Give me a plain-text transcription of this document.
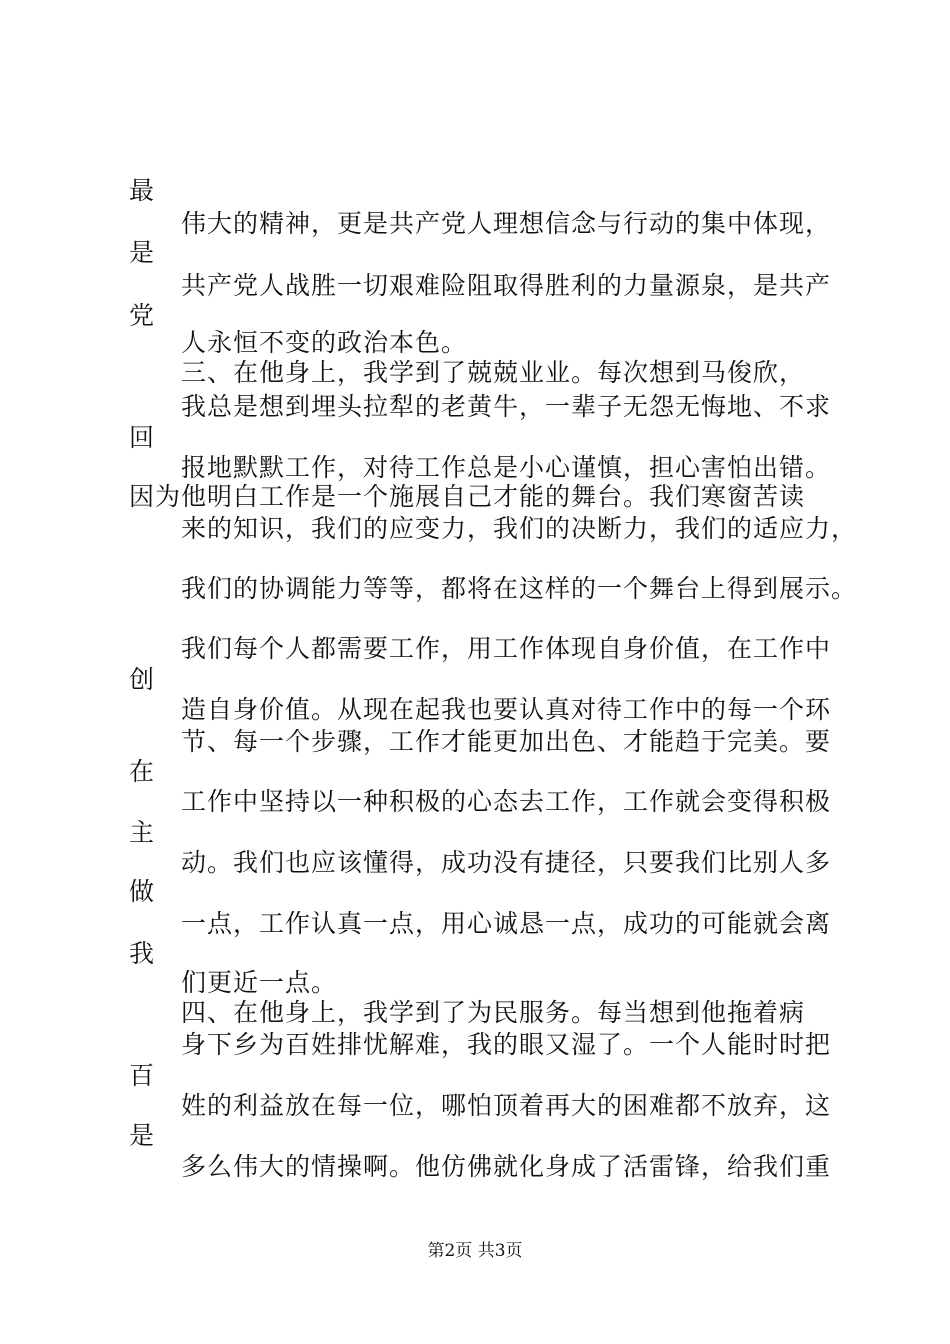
最
伟大的精神，更是共产党人理想信念与行动的集中体现，
是
共产党人战胜一切艰难险阻取得胜利的力量源泉，是共产
党
人永恒不变的政治本色。
三、在他身上，我学到了兢兢业业。每次想到马俊欣，
我总是想到埋头拉犁的老黄牛，一辈子无怨无悔地、不求
回
报地默默工作，对待工作总是小心谨慎，担心害怕出错。
因为他明白工作是一个施展自己才能的舞台。我们寒窗苦读
来的知识，我们的应变力，我们的决断力，我们的适应力，
我们的协调能力等等，都将在这样的一个舞台上得到展示。
我们每个人都需要工作，用工作体现自身价值，在工作中
创
造自身价值。从现在起我也要认真对待工作中的每一个环
节、每一个步骤，工作才能更加出色、才能趋于完美。要
在
工作中坚持以一种积极的心态去工作，工作就会变得积极
主
动。我们也应该懂得，成功没有捷径，只要我们比别人多
做
一点，工作认真一点，用心诚恳一点，成功的可能就会离
我
们更近一点。
四、在他身上，我学到了为民服务。每当想到他拖着病
身下乡为百姓排忧解难，我的眼又湿了。一个人能时时把
百
姓的利益放在每一位，哪怕顶着再大的困难都不放弃，这
是
多么伟大的情操啊。他仿佛就化身成了活雷锋，给我们重
第2页 共3页
